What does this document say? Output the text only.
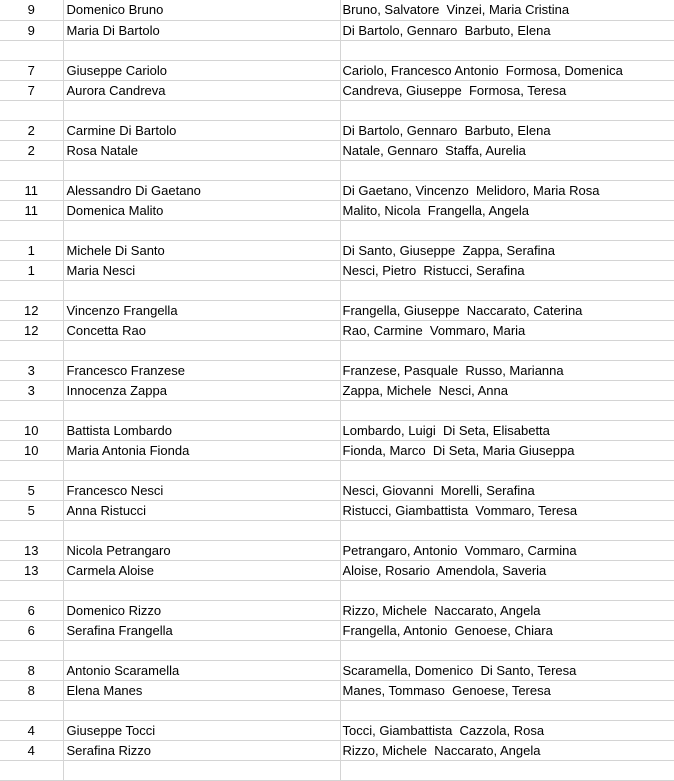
9	Domenico Bruno	Bruno, Salvatore  Vinzei, Maria Cristina
9	Maria Di Bartolo	Di Bartolo, Gennaro  Barbuto, Elena

7	Giuseppe Cariolo	Cariolo, Francesco Antonio  Formosa, Domenica
7	Aurora Candreva	Candreva, Giuseppe  Formosa, Teresa

2	Carmine Di Bartolo	Di Bartolo, Gennaro  Barbuto, Elena
2	Rosa Natale	Natale, Gennaro  Staffa, Aurelia

11	Alessandro Di Gaetano	Di Gaetano, Vincenzo  Melidoro, Maria Rosa
11	Domenica Malito	Malito, Nicola  Frangella, Angela

1	Michele Di Santo	Di Santo, Giuseppe  Zappa, Serafina
1	Maria Nesci	Nesci, Pietro  Ristucci, Serafina

12	Vincenzo Frangella	Frangella, Giuseppe  Naccarato, Caterina
12	Concetta Rao	Rao, Carmine  Vommaro, Maria

3	Francesco Franzese	Franzese, Pasquale  Russo, Marianna
3	Innocenza Zappa	Zappa, Michele  Nesci, Anna

10	Battista Lombardo	Lombardo, Luigi  Di Seta, Elisabetta
10	Maria Antonia Fionda	Fionda, Marco  Di Seta, Maria Giuseppa

5	Francesco Nesci	Nesci, Giovanni  Morelli, Serafina
5	Anna Ristucci	Ristucci, Giambattista  Vommaro, Teresa

13	Nicola Petrangaro	Petrangaro, Antonio  Vommaro, Carmina
13	Carmela Aloise	Aloise, Rosario  Amendola, Saveria

6	Domenico Rizzo	Rizzo, Michele  Naccarato, Angela
6	Serafina Frangella	Frangella, Antonio  Genoese, Chiara

8	Antonio Scaramella	Scaramella, Domenico  Di Santo, Teresa
8	Elena Manes	Manes, Tommaso  Genoese, Teresa

4	Giuseppe Tocci	Tocci, Giambattista  Cazzola, Rosa
4	Serafina Rizzo	Rizzo, Michele  Naccarato, Angela
